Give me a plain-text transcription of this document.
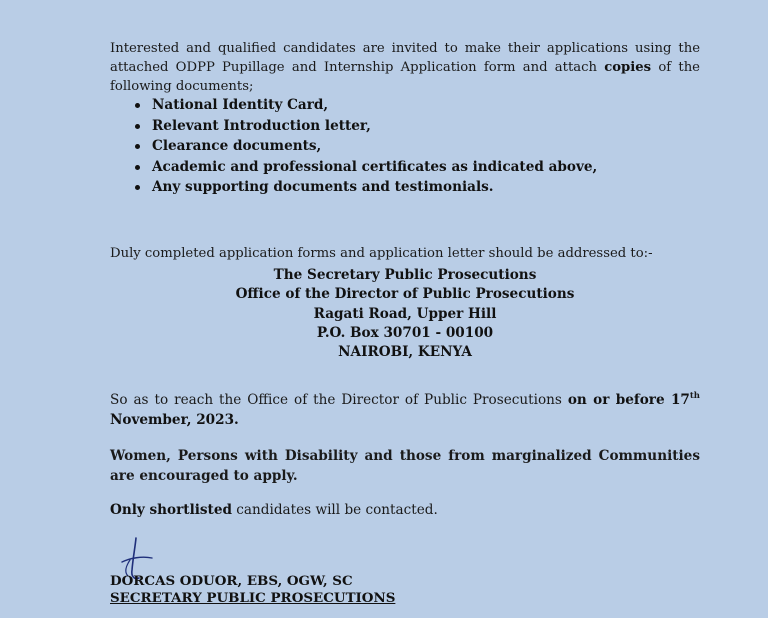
Interested and qualified candidates are invited to make their applications using the attached ODPP Pupillage and Internship Application form and attach copies of the following documents;

National Identity Card,
Relevant Introduction letter,
Clearance documents,
Academic and professional certificates as indicated above,
Any supporting documents and testimonials.

Duly completed application forms and application letter should be addressed to:-

The Secretary Public Prosecutions
Office of the Director of Public Prosecutions
Ragati Road, Upper Hill
P.O. Box 30701 - 00100
NAIROBI, KENYA

So as to reach the Office of the Director of Public Prosecutions on or before 17th November, 2023.

Women, Persons with Disability and those from marginalized Communities are encouraged to apply.

Only shortlisted candidates will be contacted.

DORCAS ODUOR, EBS, OGW, SC
SECRETARY PUBLIC PROSECUTIONS
